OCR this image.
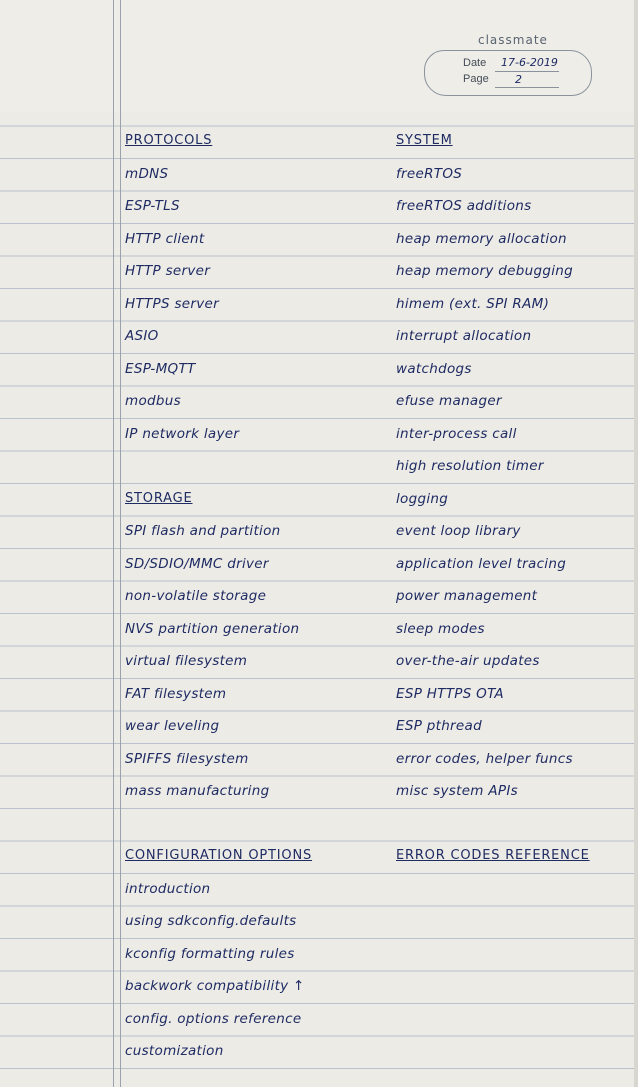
classmate
Date 17-6-2019
Page 2
PROTOCOLS
mDNS
ESP-TLS
HTTP client
HTTP server
HTTPS server
ASIO
ESP-MQTT
modbus
IP network layer
STORAGE
SPI flash and partition
SD/SDIO/MMC driver
non-volatile storage
NVS partition generation
virtual filesystem
FAT filesystem
wear leveling
SPIFFS filesystem
mass manufacturing
CONFIGURATION OPTIONS
introduction
using sdkconfig.defaults
kconfig formatting rules
backwork compatibility ↑
config. options reference
customization
SYSTEM
freeRTOS
freeRTOS additions
heap memory allocation
heap memory debugging
himem (ext. SPI RAM)
interrupt allocation
watchdogs
efuse manager
inter-process call
high resolution timer
logging
event loop library
application level tracing
power management
sleep modes
over-the-air updates
ESP HTTPS OTA
ESP pthread
error codes, helper funcs
misc system APIs
ERROR CODES REFERENCE
